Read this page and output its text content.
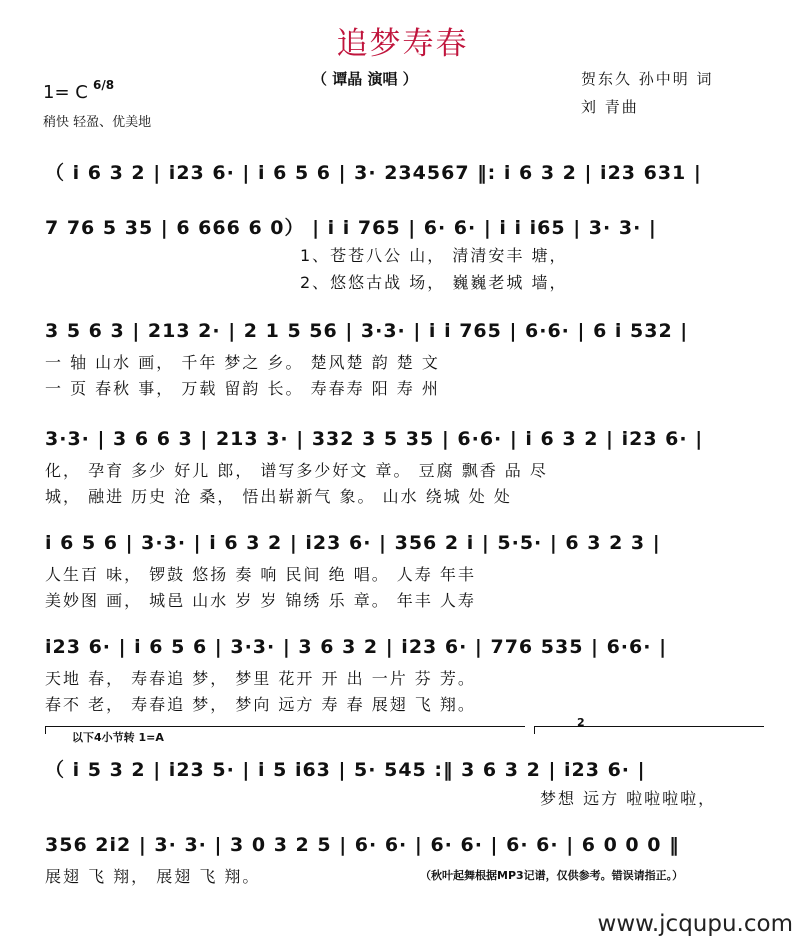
追梦寿春
（ 谭晶 演唱 ）	贺东久 孙中明 词
刘 青曲
1= C 6/8
稍快 轻盈、优美地
（ i 6 3 2 | i23 6· | i 6 5 6 | 3· 234567 ‖: i 6 3 2 | i23 631 |
7 76 5 35 | 6 666 6 0） | i i 765 | 6· 6· | i i i65 | 3· 3· |
1、苍苍八公 山， 清清安丰 塘，
2、悠悠古战 场， 巍巍老城 墙，
3 5 6 3 | 213 2· | 2 1 5 56 | 3·3· | i i 765 | 6·6· | 6 i 532 |
一 轴 山水 画， 千年 梦之 乡。 楚风楚 韵 楚 文
一 页 春秋 事， 万载 留韵 长。 寿春寿 阳 寿 州
3·3· | 3 6 6 3 | 213 3· | 332 3 5 35 | 6·6· | i 6 3 2 | i23 6· |
化， 孕育 多少 好儿 郎， 谱写多少好文 章。 豆腐 飘香 品 尽
城， 融进 历史 沧 桑， 悟出崭新气 象。 山水 绕城 处 处
i 6 5 6 | 3·3· | i 6 3 2 | i23 6· | 356 2 i | 5·5· | 6 3 2 3 |
人生百 味， 锣鼓 悠扬 奏 响 民间 绝 唱。 人寿 年丰
美妙图 画， 城邑 山水 岁 岁 锦绣 乐 章。 年丰 人寿
i23 6· | i 6 5 6 | 3·3· | 3 6 3 2 | i23 6· | 776 535 | 6·6· |
天地 春， 寿春追 梦， 梦里 花开 开 出 一片 芬 芳。
春不 老， 寿春追 梦， 梦向 远方 寿 春 展翅 飞 翔。
以下4小节转 1=A
2
（ i 5 3 2 | i23 5· | i 5 i63 | 5· 545 :‖ 3 6 3 2 | i23 6· |
梦想 远方 啦啦啦啦，
356 2i2 | 3· 3· | 3 0 3 2 5 | 6· 6· | 6· 6· | 6· 6· | 6 0 0 0 ‖
展翅 飞 翔， 展翅 飞 翔。	（秋叶起舞根据MP3记谱，仅供参考。错误请指正。）
www.jcqupu.com
